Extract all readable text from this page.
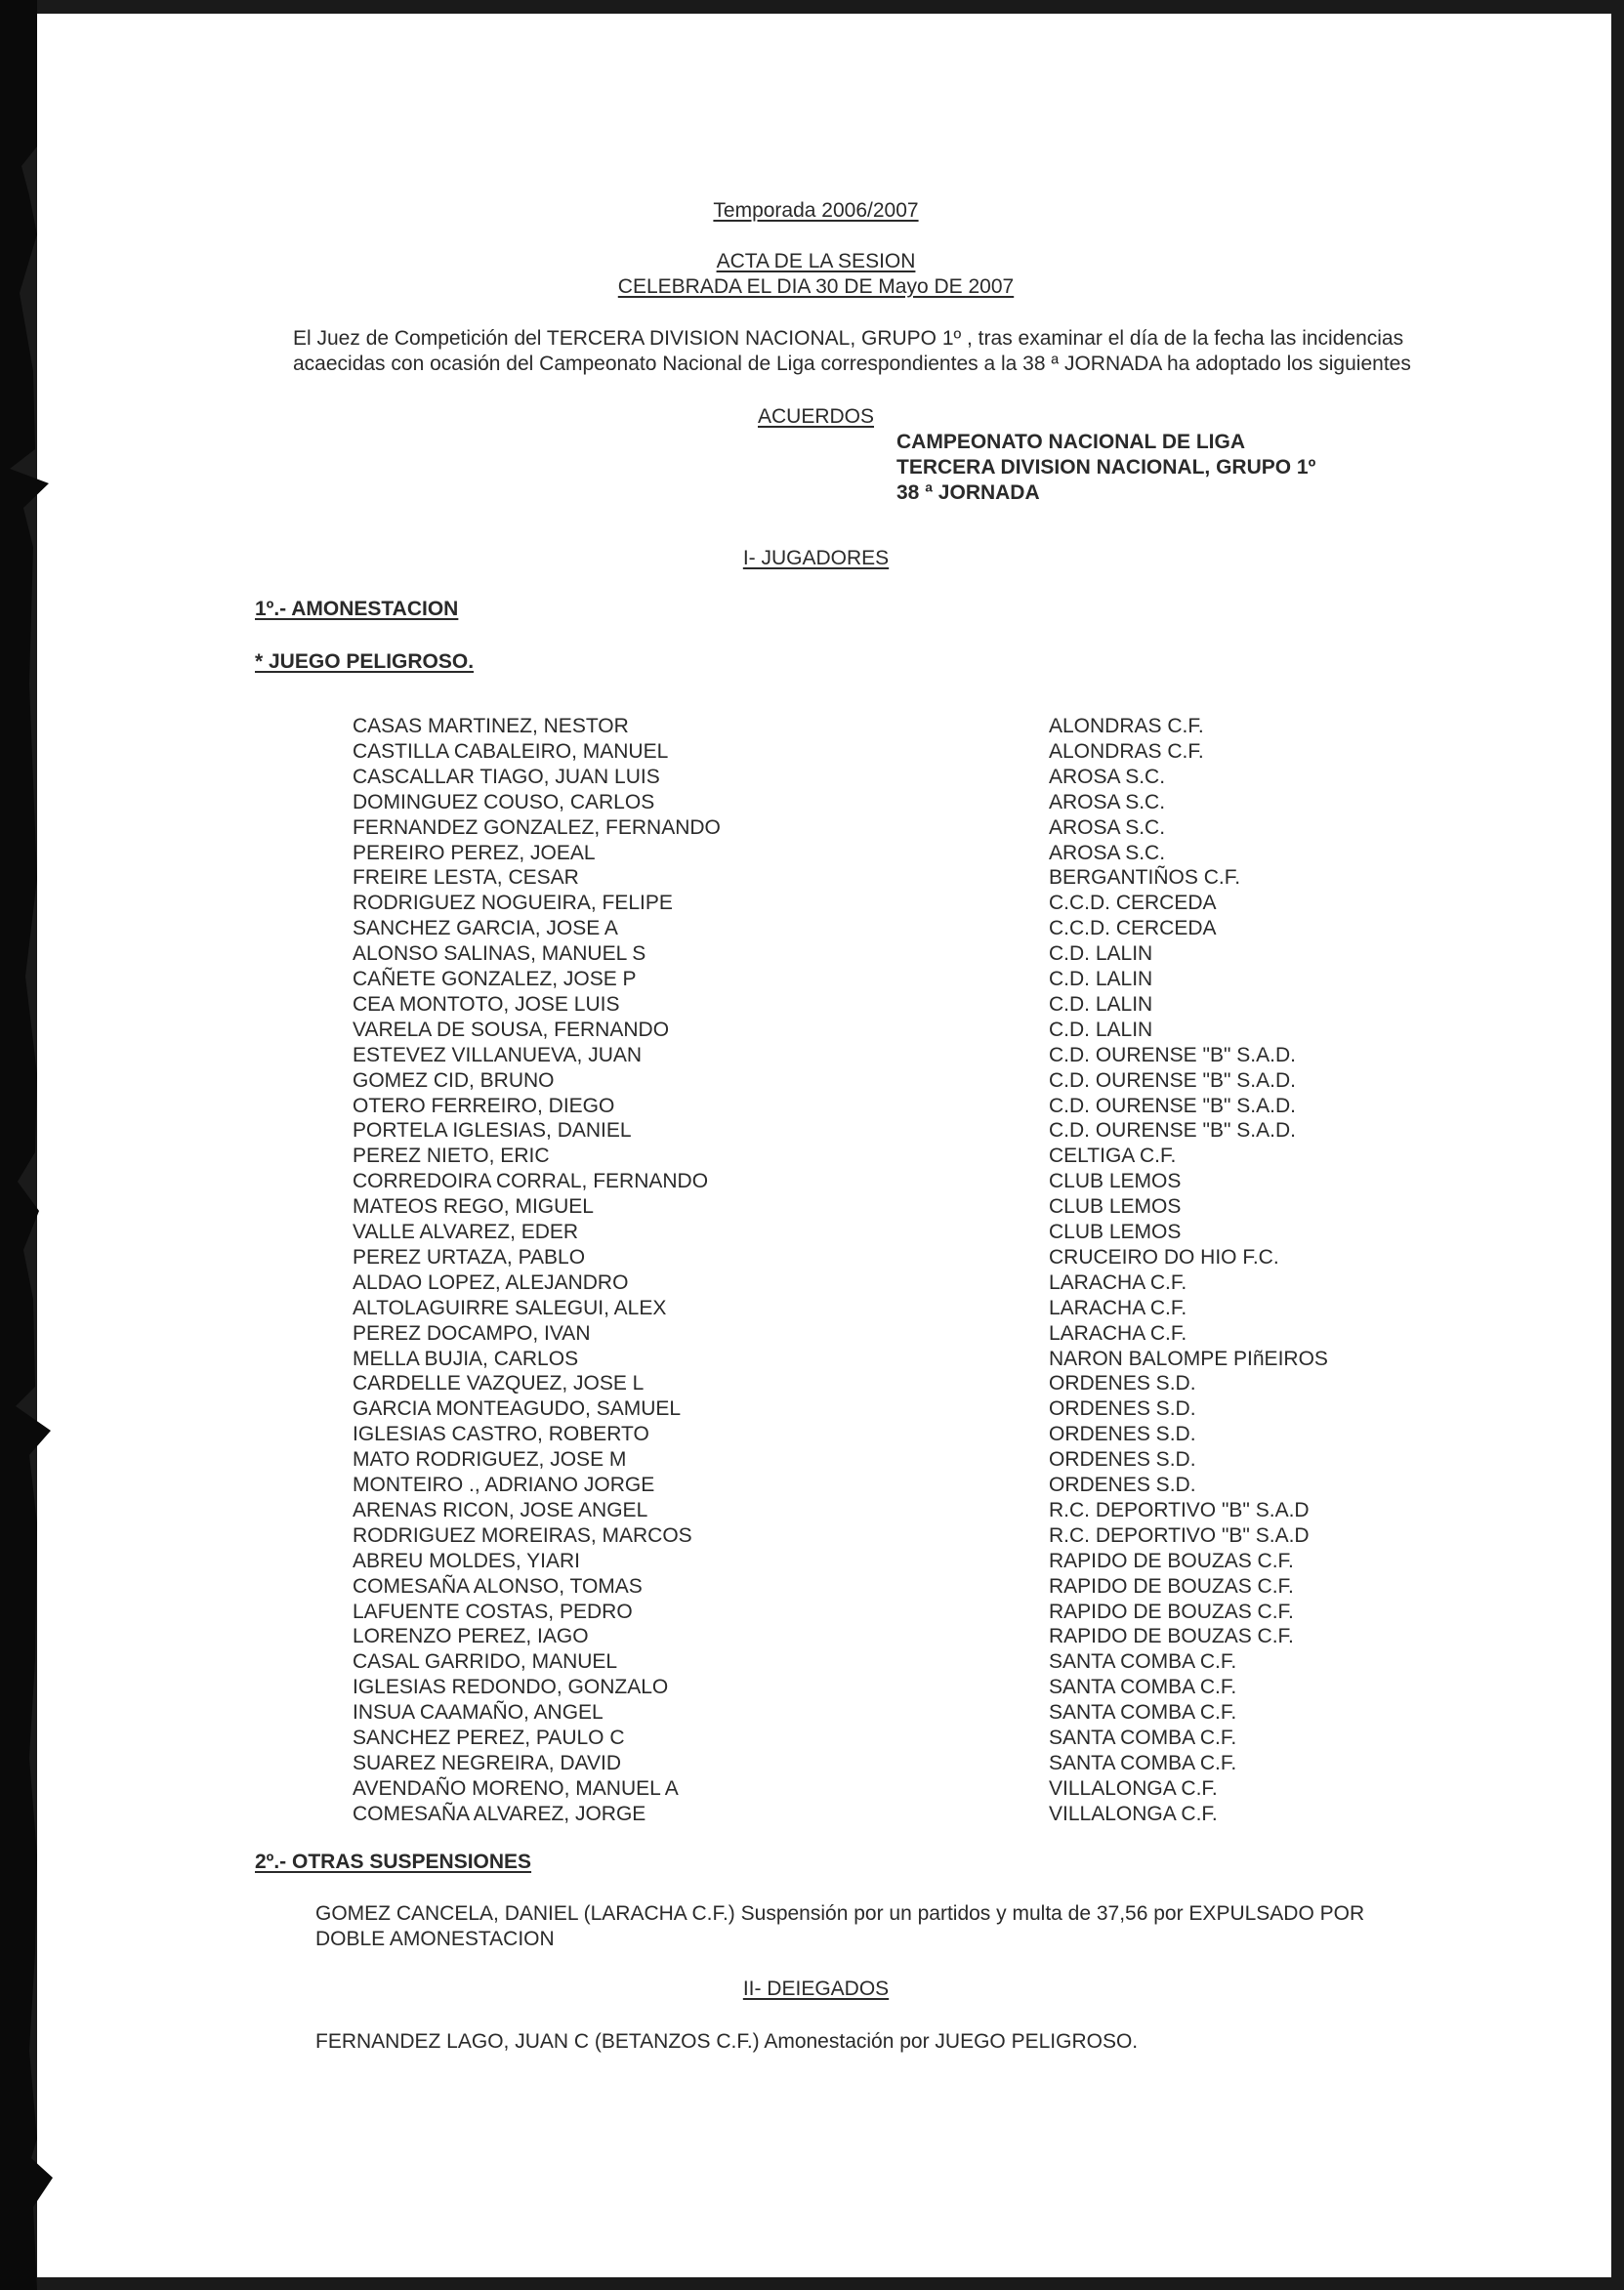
Temporada 2006/2007
ACTA DE LA SESION
CELEBRADA EL DIA 30 DE Mayo DE 2007
El Juez de Competición del TERCERA DIVISION NACIONAL, GRUPO 1º , tras examinar el día de la fecha las incidencias
acaecidas con ocasión del Campeonato Nacional de Liga correspondientes a la 38 ª JORNADA ha adoptado los siguientes
ACUERDOS
CAMPEONATO NACIONAL DE LIGA
TERCERA DIVISION NACIONAL, GRUPO 1º
38 ª JORNADA
I- JUGADORES
1º.- AMONESTACION
* JUEGO PELIGROSO.
CASAS MARTINEZ, NESTOR	ALONDRAS C.F.
CASTILLA CABALEIRO, MANUEL	ALONDRAS C.F.
CASCALLAR TIAGO, JUAN LUIS	AROSA S.C.
DOMINGUEZ COUSO, CARLOS	AROSA S.C.
FERNANDEZ GONZALEZ, FERNANDO	AROSA S.C.
PEREIRO PEREZ, JOEAL	AROSA S.C.
FREIRE LESTA, CESAR	BERGANTIÑOS C.F.
RODRIGUEZ NOGUEIRA, FELIPE	C.C.D. CERCEDA
SANCHEZ GARCIA, JOSE A	C.C.D. CERCEDA
ALONSO SALINAS, MANUEL S	C.D. LALIN
CAÑETE GONZALEZ, JOSE P	C.D. LALIN
CEA MONTOTO, JOSE LUIS	C.D. LALIN
VARELA DE SOUSA, FERNANDO	C.D. LALIN
ESTEVEZ VILLANUEVA, JUAN	C.D. OURENSE "B" S.A.D.
GOMEZ CID, BRUNO	C.D. OURENSE "B" S.A.D.
OTERO FERREIRO, DIEGO	C.D. OURENSE "B" S.A.D.
PORTELA IGLESIAS, DANIEL	C.D. OURENSE "B" S.A.D.
PEREZ NIETO, ERIC	CELTIGA C.F.
CORREDOIRA CORRAL, FERNANDO	CLUB LEMOS
MATEOS REGO, MIGUEL	CLUB LEMOS
VALLE ALVAREZ, EDER	CLUB LEMOS
PEREZ URTAZA, PABLO	CRUCEIRO DO HIO F.C.
ALDAO LOPEZ, ALEJANDRO	LARACHA C.F.
ALTOLAGUIRRE SALEGUI, ALEX	LARACHA C.F.
PEREZ DOCAMPO, IVAN	LARACHA C.F.
MELLA BUJIA, CARLOS	NARON BALOMPE PIñEIROS
CARDELLE VAZQUEZ, JOSE L	ORDENES S.D.
GARCIA MONTEAGUDO, SAMUEL	ORDENES S.D.
IGLESIAS CASTRO, ROBERTO	ORDENES S.D.
MATO RODRIGUEZ, JOSE M	ORDENES S.D.
MONTEIRO ., ADRIANO JORGE	ORDENES S.D.
ARENAS RICON, JOSE ANGEL	R.C. DEPORTIVO "B" S.A.D
RODRIGUEZ MOREIRAS, MARCOS	R.C. DEPORTIVO "B" S.A.D
ABREU MOLDES, YIARI	RAPIDO DE BOUZAS C.F.
COMESAÑA ALONSO, TOMAS	RAPIDO DE BOUZAS C.F.
LAFUENTE COSTAS, PEDRO	RAPIDO DE BOUZAS C.F.
LORENZO PEREZ, IAGO	RAPIDO DE BOUZAS C.F.
CASAL GARRIDO, MANUEL	SANTA COMBA C.F.
IGLESIAS REDONDO, GONZALO	SANTA COMBA C.F.
INSUA CAAMAÑO, ANGEL	SANTA COMBA C.F.
SANCHEZ PEREZ, PAULO C	SANTA COMBA C.F.
SUAREZ NEGREIRA, DAVID	SANTA COMBA C.F.
AVENDAÑO MORENO, MANUEL A	VILLALONGA C.F.
COMESAÑA ALVAREZ, JORGE	VILLALONGA C.F.
2º.- OTRAS SUSPENSIONES
GOMEZ CANCELA, DANIEL (LARACHA C.F.) Suspensión por un partidos y multa de 37,56 por EXPULSADO POR
DOBLE AMONESTACION
II- DEIEGADOS
FERNANDEZ LAGO, JUAN C (BETANZOS C.F.) Amonestación por JUEGO PELIGROSO.
